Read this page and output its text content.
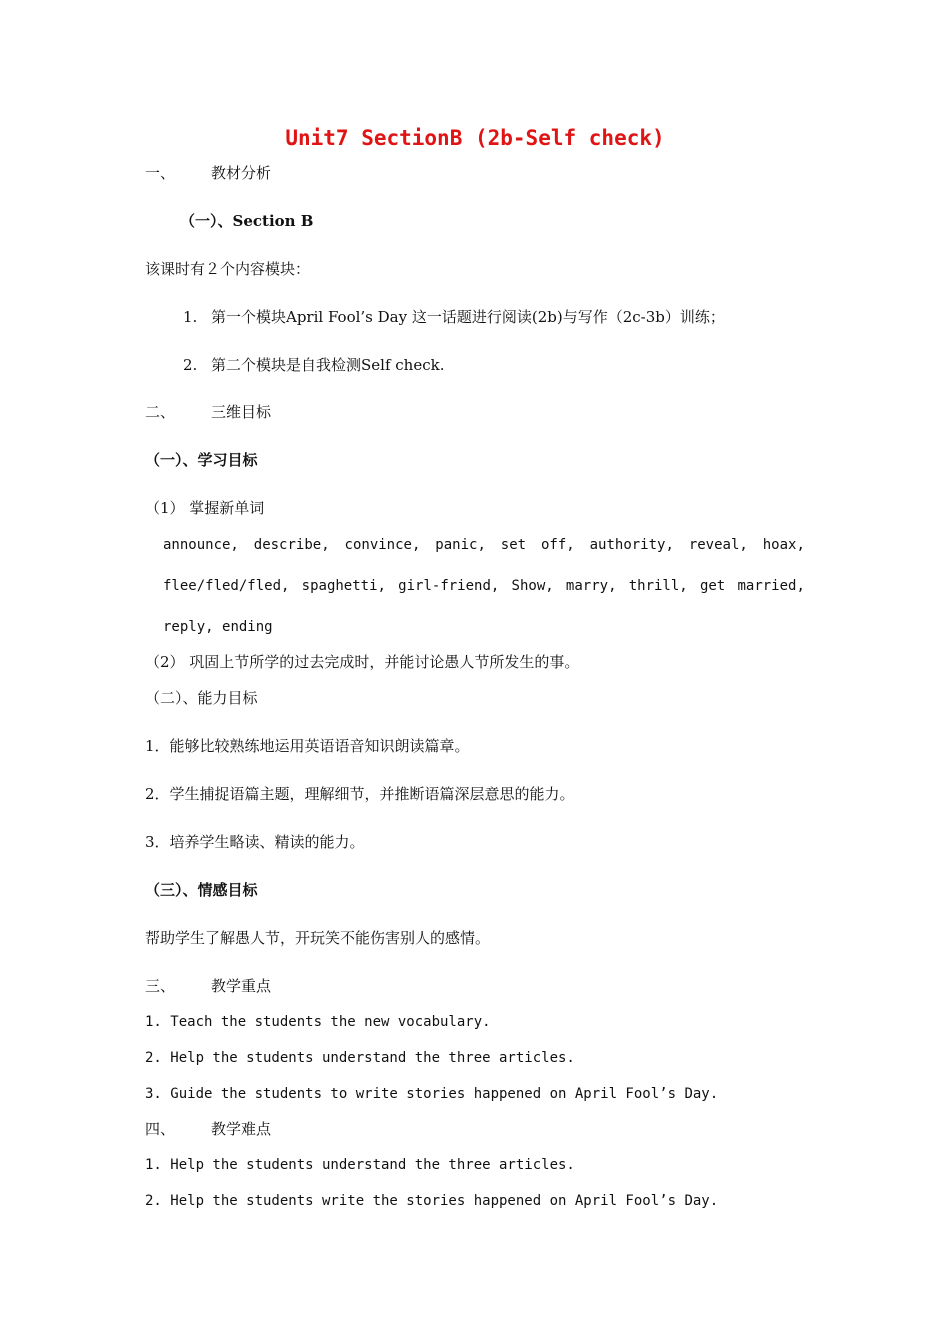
Unit7 SectionB (2b-Self check)
一、 教材分析
（一）、Section B
该课时有２个内容模块：
1. 第一个模块April Fool’s Day 这一话题进行阅读(2b)与写作（2c-3b）训练；
2. 第二个模块是自我检测Self check.
二、 三维目标
（一）、学习目标
（1） 掌握新单词
announce, describe, convince, panic, set off, authority, reveal, hoax,
flee/fled/fled, spaghetti, girl-friend, Show, marry, thrill, get married,
reply, ending
（2） 巩固上节所学的过去完成时，并能讨论愚人节所发生的事。
（二）、能力目标
1．能够比较熟练地运用英语语音知识朗读篇章。
2．学生捕捉语篇主题，理解细节，并推断语篇深层意思的能力。
3．培养学生略读、精读的能力。
（三）、情感目标
帮助学生了解愚人节，开玩笑不能伤害别人的感情。
三、 教学重点
1. Teach the students the new vocabulary.
2. Help the students understand the three articles.
3. Guide the students to write stories happened on April Fool’s Day.
四、 教学难点
1. Help the students understand the three articles.
2. Help the students write the stories happened on April Fool’s Day.
